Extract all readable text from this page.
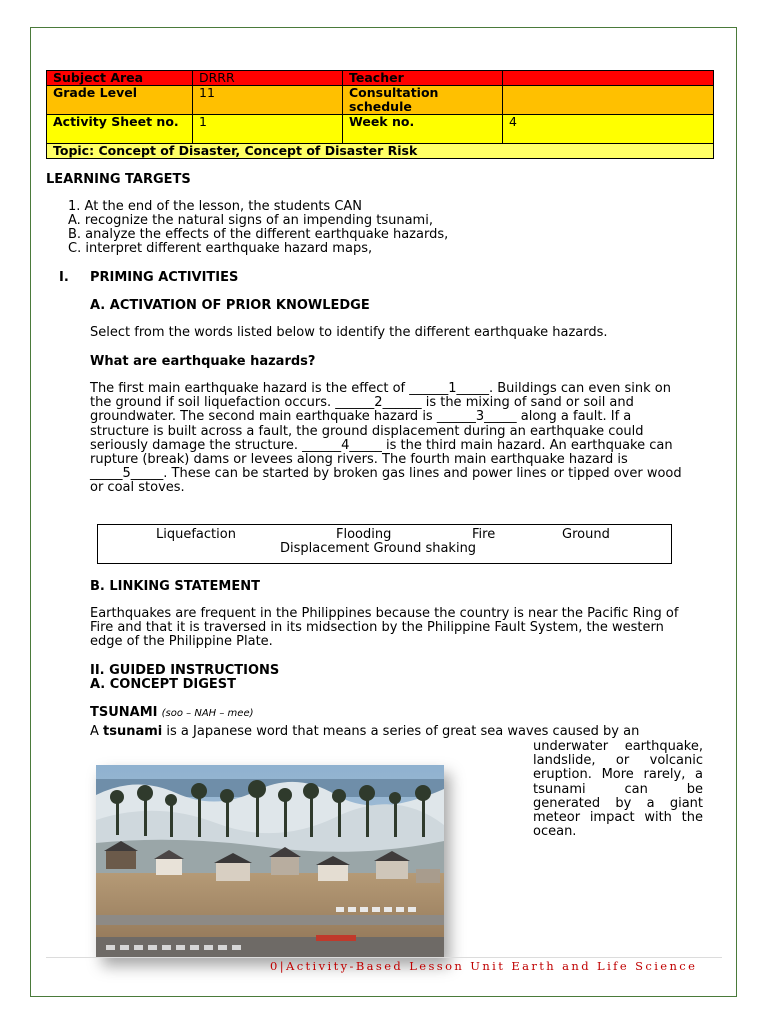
Subject Area	DRRR	Teacher	
Grade Level	11	Consultation schedule	
Activity Sheet no.	1	Week no.	4
Topic: Concept of Disaster, Concept of Disaster Risk			
LEARNING TARGETS
1. At the end of the lesson, the students CAN
A. recognize the natural signs of an impending tsunami,
B. analyze the effects of the different earthquake hazards,
C. interpret different earthquake hazard maps,
I. PRIMING ACTIVITIES
A. ACTIVATION OF PRIOR KNOWLEDGE
Select from the words listed below to identify the different earthquake hazards.
What are earthquake hazards?
The first main earthquake hazard is the effect of ______1_____. Buildings can even sink on
the ground if soil liquefaction occurs. ______2______ is the mixing of sand or soil and
groundwater. The second main earthquake hazard is ______3_____ along a fault. If a
structure is built across a fault, the ground displacement during an earthquake could
seriously damage the structure. ______4_____ is the third main hazard. An earthquake can
rupture (break) dams or levees along rivers. The fourth main earthquake hazard is
_____5_____. These can be started by broken gas lines and power lines or tipped over wood
or coal stoves.
Liquefaction	Flooding	Fire	Ground
Displacement Ground shaking
B. LINKING STATEMENT
Earthquakes are frequent in the Philippines because the country is near the Pacific Ring of
Fire and that it is traversed in its midsection by the Philippine Fault System, the western
edge of the Philippine Plate.
II. GUIDED INSTRUCTIONS
A. CONCEPT DIGEST
TSUNAMI (soo – NAH – mee)
A tsunami is a Japanese word that means a series of great sea waves caused by an
underwater earthquake,
landslide, or volcanic
eruption. More rarely, a
tsunami can be
generated by a giant
meteor impact with the
ocean.
0|Activity-Based Lesson Unit Earth and Life Science
